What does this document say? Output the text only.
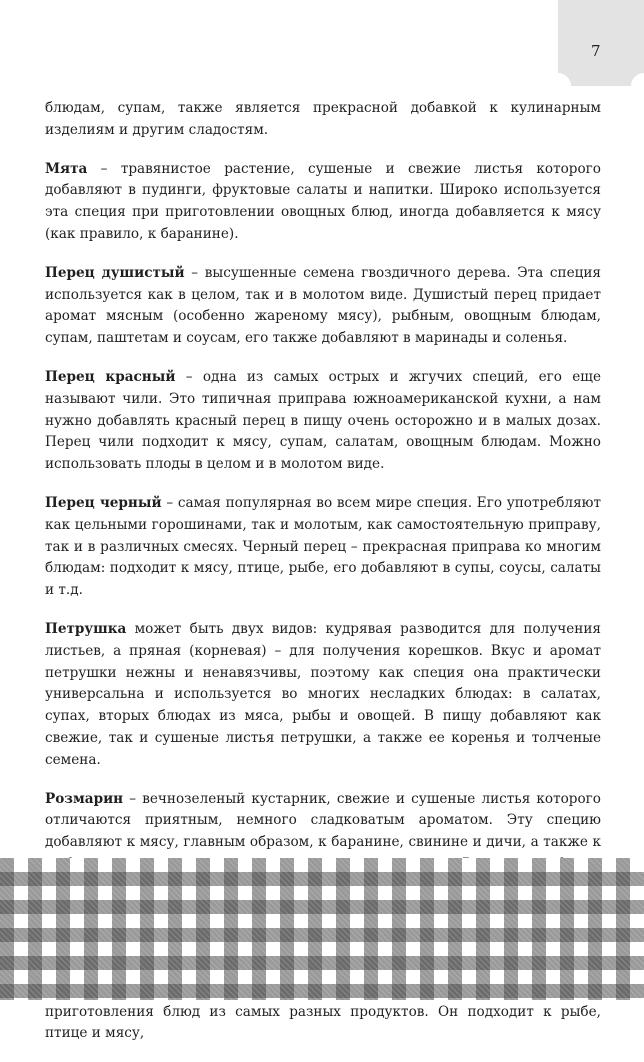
7

блюдам, супам, также является прекрасной добавкой к кулинарным изделиям и другим сладостям.

Мята – травянистое растение, сушеные и свежие листья которого добавляют в пудинги, фруктовые салаты и напитки. Широко используется эта специя при приготовлении овощных блюд, иногда добавляется к мясу (как правило, к баранине).

Перец душистый – высушенные семена гвоздичного дерева. Эта специя используется как в целом, так и в молотом виде. Душистый перец придает аромат мясным (особенно жареному мясу), рыбным, овощным блюдам, супам, паштетам и соусам, его также добавляют в маринады и соленья.

Перец красный – одна из самых острых и жгучих специй, его еще называют чили. Это типичная приправа южноамериканской кухни, а нам нужно добавлять красный перец в пищу очень осторожно и в малых дозах. Перец чили подходит к мясу, супам, салатам, овощным блюдам. Можно использовать плоды в целом и в молотом виде.

Перец черный – самая популярная во всем мире специя. Его употребляют как цельными горошинами, так и молотым, как самостоятельную приправу, так и в различных смесях. Черный перец – прекрасная приправа ко многим блюдам: подходит к мясу, птице, рыбе, его добавляют в супы, соусы, салаты и т.д.

Петрушка может быть двух видов: кудрявая разводится для получения листьев, а пряная (корневая) – для получения корешков. Вкус и аромат петрушки нежны и ненавязчивы, поэтому как специя она практически универсальна и используется во многих несладких блюдах: в салатах, супах, вторых блюдах из мяса, рыбы и овощей. В пищу добавляют как свежие, так и сушеные листья петрушки, а также ее коренья и толченые семена.

Розмарин – вечнозеленый кустарник, свежие и сушеные листья которого отличаются приятным, немного сладковатым ароматом. Эту специю добавляют к мясу, главным образом, к баранине, свинине и дичи, а также к

приготовления блюд из самых разных продуктов. Он подходит к рыбе, птице и мясу,
